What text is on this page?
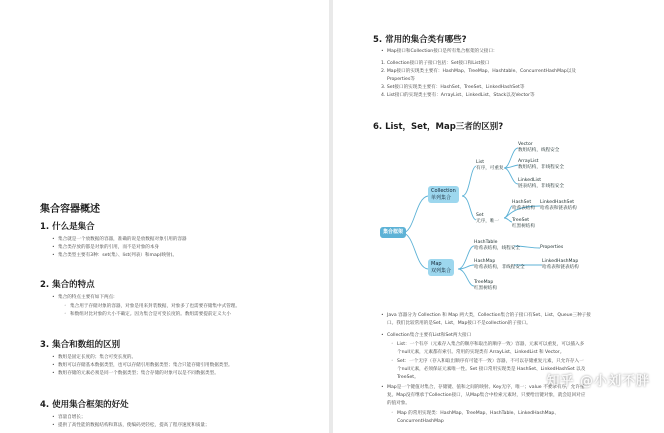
集合容器概述
1. 什么是集合
• 集合就是一个放数据的容器，准确的说是放数据对象引用的容器
• 集合类存放的都是对象的引用，而不是对象的本身
• 集合类型主要有3种：set(集）、list(列表）和map(映射)。
2. 集合的特点
• 集合的特点主要有如下两点:
◦ 集合用于存储对象的容器，对象是用来封装数据，对象多了也需要存储集中式管理。
◦ 和数组对比对象的大小不确定。因为集合是可变长度的。数组需要提前定义大小
3. 集合和数组的区别
• 数组是固定长度的；集合可变长度的。
• 数组可以存储基本数据类型，也可以存储引用数据类型；集合只能存储引用数据类型。
• 数组存储的元素必须是同一个数据类型；集合存储的对象可以是不同数据类型。
4. 使用集合框架的好处
• 容量自增长；
• 提供了高性能的数据结构和算法，使编码更轻松，提高了程序速度和质量；
5. 常用的集合类有哪些?
• Map接口和Collection接口是所有集合框架的父接口：
1. Collection接口的子接口包括：Set接口和List接口
2. Map接口的实现类主要有：HashMap、TreeMap、Hashtable、ConcurrentHashMap以及
Properties等
3. Set接口的实现类主要有：HashSet、TreeSet、LinkedHashSet等
4. List接口的实现类主要有：ArrayList、LinkedList、Stack以及Vector等
6. List，Set，Map三者的区别?
• Java 容器分为 Collection 和 Map 两大类，Collection集合的子接口有Set、List、Queue三种子接
口。我们比较常用的是Set、List，Map接口不是collection的子接口。
• Collection集合主要有List和Set两大接口
◦ List：一个有序（元素存入集合的顺序和取出的顺序一致）容器，元素可以重复，可以插入多
个null元素，元素都有索引。常用的实现类有 ArrayList、LinkedList 和 Vector。
◦ Set：一个无序（存入和取出顺序有可能不一致）容器，不可以存储重复元素，只允许存入一
个null元素，必须保证元素唯一性。Set 接口常用实现类是 HashSet、LinkedHashSet 以及
TreeSet。
• Map是一个键值对集合，存储键、值和之间的映射。Key无序，唯一；value 不要求有序，允许重
复。Map没有继承于Collection接口，从Map集合中检索元素时，只要给出键对象，就会返回对应
的值对象。
◦ Map 的常用实现类：HashMap、TreeMap、HashTable、LinkedHashMap、
ConcurrentHashMap
集合框架
Collection
单列集合
Map
双列集合
List
有序，可重复
Set
无序，唯一
Vector
数组结构，线程安全
ArrayList
数组结构，非线程安全
LinkedList
链表结构，非线程安全
HashSet
哈希表结构
LinkedHashSet
哈希表和链表结构
TreeSet
红黑树结构
HashTable
哈希表结构，线程安全	Properties
HashMap
哈希表结构，非线程安全
LinkedHashMap
哈希表和链表结构
TreeMap
红黑树结构
知乎 @小刘不胖
